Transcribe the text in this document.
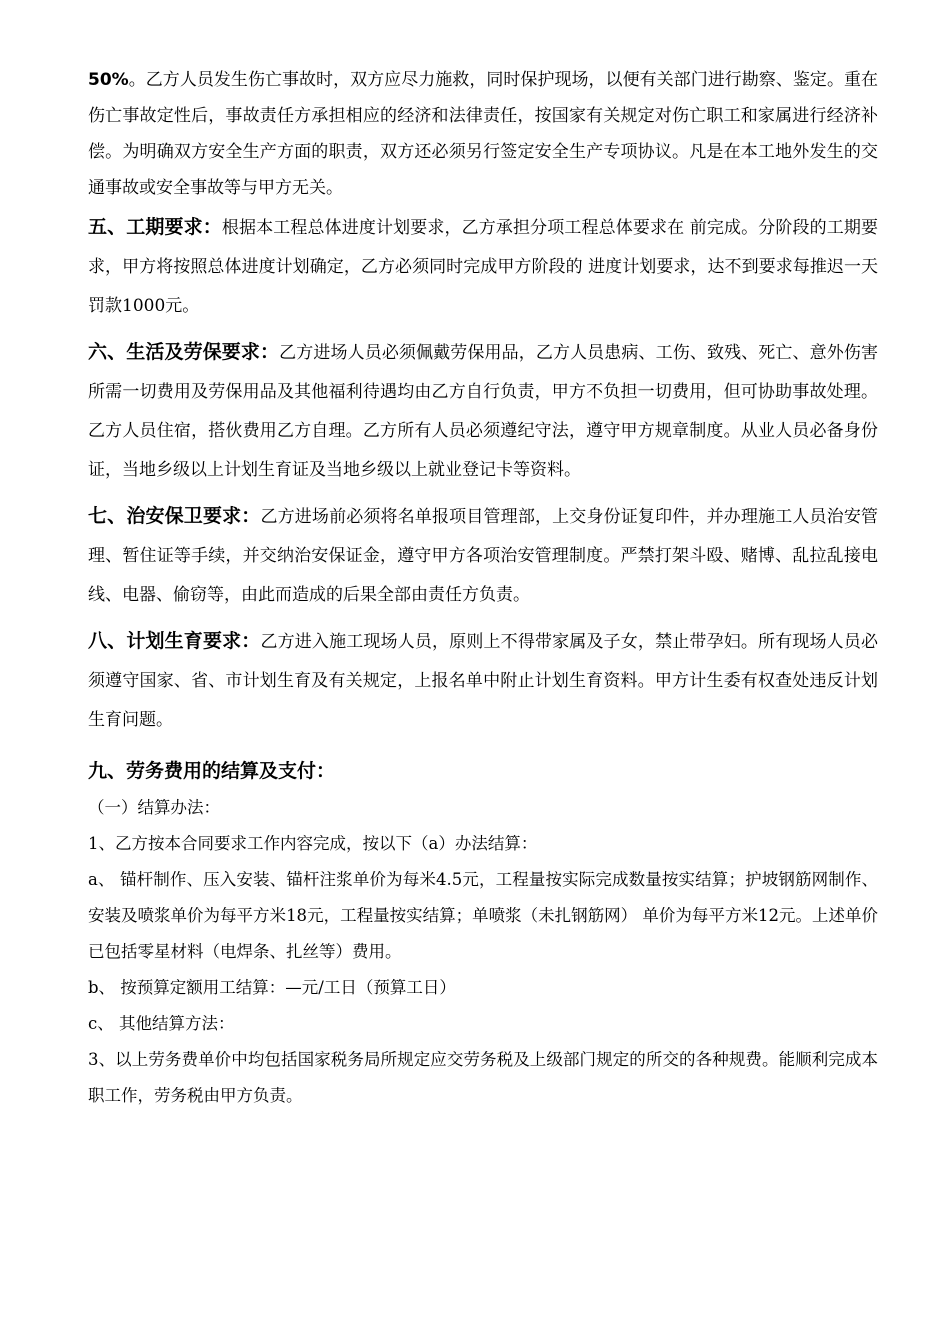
50%。乙方人员发生伤亡事故时，双方应尽力施救，同时保护现场，以便有关部门进行勘察、鉴定。重在伤亡事故定性后，事故责任方承担相应的经济和法律责任，按国家有关规定对伤亡职工和家属进行经济补偿。为明确双方安全生产方面的职责，双方还必须另行签定安全生产专项协议。凡是在本工地外发生的交通事故或安全事故等与甲方无关。

五、工期要求：根据本工程总体进度计划要求，乙方承担分项工程总体要求在 前完成。分阶段的工期要求，甲方将按照总体进度计划确定，乙方必须同时完成甲方阶段的 进度计划要求，达不到要求每推迟一天罚款1000元。

六、生活及劳保要求：乙方进场人员必须佩戴劳保用品，乙方人员患病、工伤、致残、死亡、意外伤害所需一切费用及劳保用品及其他福利待遇均由乙方自行负责，甲方不负担一切费用，但可协助事故处理。乙方人员住宿，搭伙费用乙方自理。乙方所有人员必须遵纪守法，遵守甲方规章制度。从业人员必备身份证，当地乡级以上计划生育证及当地乡级以上就业登记卡等资料。

七、治安保卫要求：乙方进场前必须将名单报项目管理部，上交身份证复印件，并办理施工人员治安管理、暂住证等手续，并交纳治安保证金，遵守甲方各项治安管理制度。严禁打架斗殴、赌博、乱拉乱接电线、电器、偷窃等，由此而造成的后果全部由责任方负责。

八、计划生育要求：乙方进入施工现场人员，原则上不得带家属及子女，禁止带孕妇。所有现场人员必须遵守国家、省、市计划生育及有关规定，上报名单中附止计划生育资料。甲方计生委有权查处违反计划生育问题。

九、劳务费用的结算及支付：

（一）结算办法：

1、乙方按本合同要求工作内容完成，按以下（a）办法结算：

a、 锚杆制作、压入安装、锚杆注浆单价为每米4.5元，工程量按实际完成数量按实结算；护坡钢筋网制作、安装及喷浆单价为每平方米18元，工程量按实结算；单喷浆（未扎钢筋网） 单价为每平方米12元。上述单价已包括零星材料（电焊条、扎丝等）费用。

b、 按预算定额用工结算：—元/工日（预算工日）

c、 其他结算方法：

3、以上劳务费单价中均包括国家税务局所规定应交劳务税及上级部门规定的所交的各种规费。能顺利完成本职工作，劳务税由甲方负责。
